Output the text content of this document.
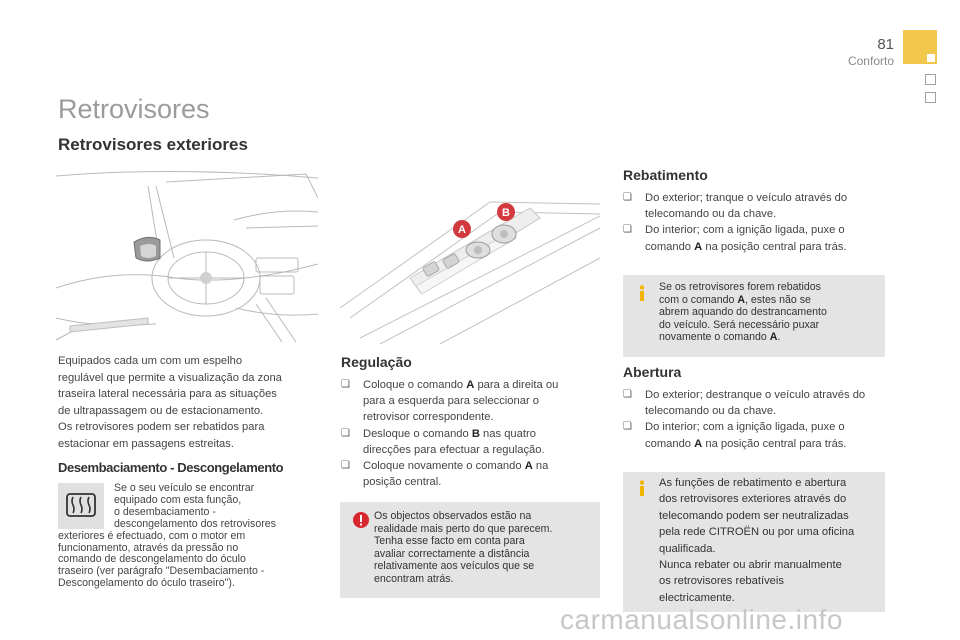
81
Conforto
Retrovisores
Retrovisores exteriores
A
B
Equipados cada um com um espelho
regulável que permite a visualização da zona
traseira lateral necessária para as situações
de ultrapassagem ou de estacionamento.
Os retrovisores podem ser rebatidos para
estacionar em passagens estreitas.
Desembaciamento - Descongelamento
Se o seu veículo se encontrar
equipado com esta função,
o desembaciamento -
descongelamento dos retrovisores
exteriores é efectuado, com o motor em
funcionamento, através da pressão no
comando de descongelamento do óculo
traseiro (ver parágrafo "Desembaciamento -
Descongelamento do óculo traseiro").
Regulação
❏ Coloque o comando A para a direita ou para a esquerda para seleccionar o retrovisor correspondente.
❏ Desloque o comando B nas quatro direcções para efectuar a regulação.
❏ Coloque novamente o comando A na posição central.
Os objectos observados estão na
realidade mais perto do que parecem.
Tenha esse facto em conta para
avaliar correctamente a distância
relativamente aos veículos que se
encontram atrás.
Rebatimento
❏ Do exterior; tranque o veículo através do telecomando ou da chave.
❏ Do interior; com a ignição ligada, puxe o comando A na posição central para trás.
Se os retrovisores forem rebatidos
com o comando A, estes não se
abrem aquando do destrancamento
do veículo. Será necessário puxar
novamente o comando A.
Abertura
❏ Do exterior; destranque o veículo através do telecomando ou da chave.
❏ Do interior; com a ignição ligada, puxe o comando A na posição central para trás.
As funções de rebatimento e abertura
dos retrovisores exteriores através do
telecomando podem ser neutralizadas
pela rede CITROËN ou por uma oficina
qualificada.
Nunca rebater ou abrir manualmente
os retrovisores rebatíveis
electricamente.
carmanualsonline.info
